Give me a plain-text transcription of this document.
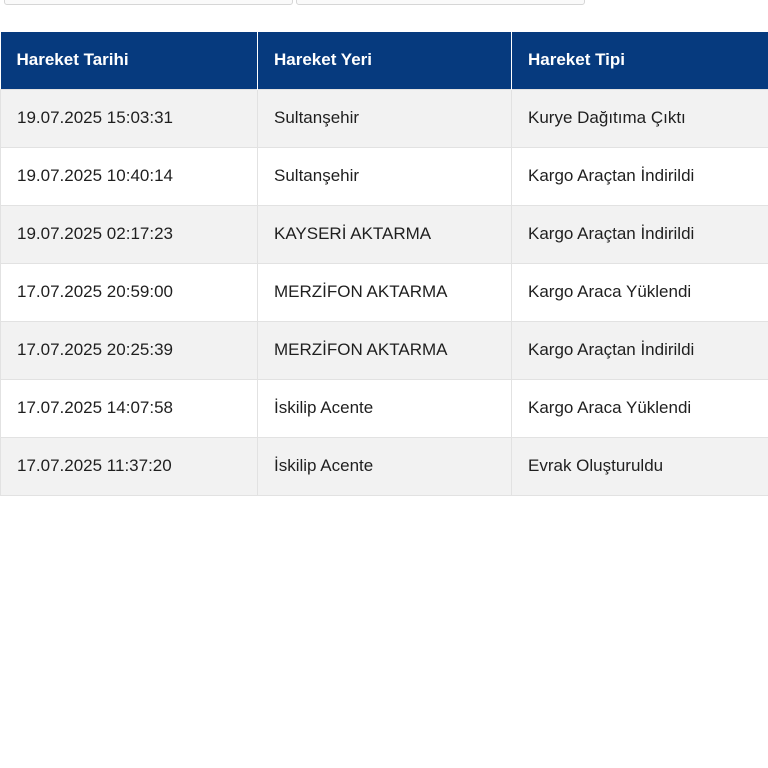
Hareket Tarihi	Hareket Yeri	Hareket Tipi
19.07.2025 15:03:31	Sultanşehir	Kurye Dağıtıma Çıktı
19.07.2025 10:40:14	Sultanşehir	Kargo Araçtan İndirildi
19.07.2025 02:17:23	KAYSERİ AKTARMA	Kargo Araçtan İndirildi
17.07.2025 20:59:00	MERZİFON AKTARMA	Kargo Araca Yüklendi
17.07.2025 20:25:39	MERZİFON AKTARMA	Kargo Araçtan İndirildi
17.07.2025 14:07:58	İskilip Acente	Kargo Araca Yüklendi
17.07.2025 11:37:20	İskilip Acente	Evrak Oluşturuldu
